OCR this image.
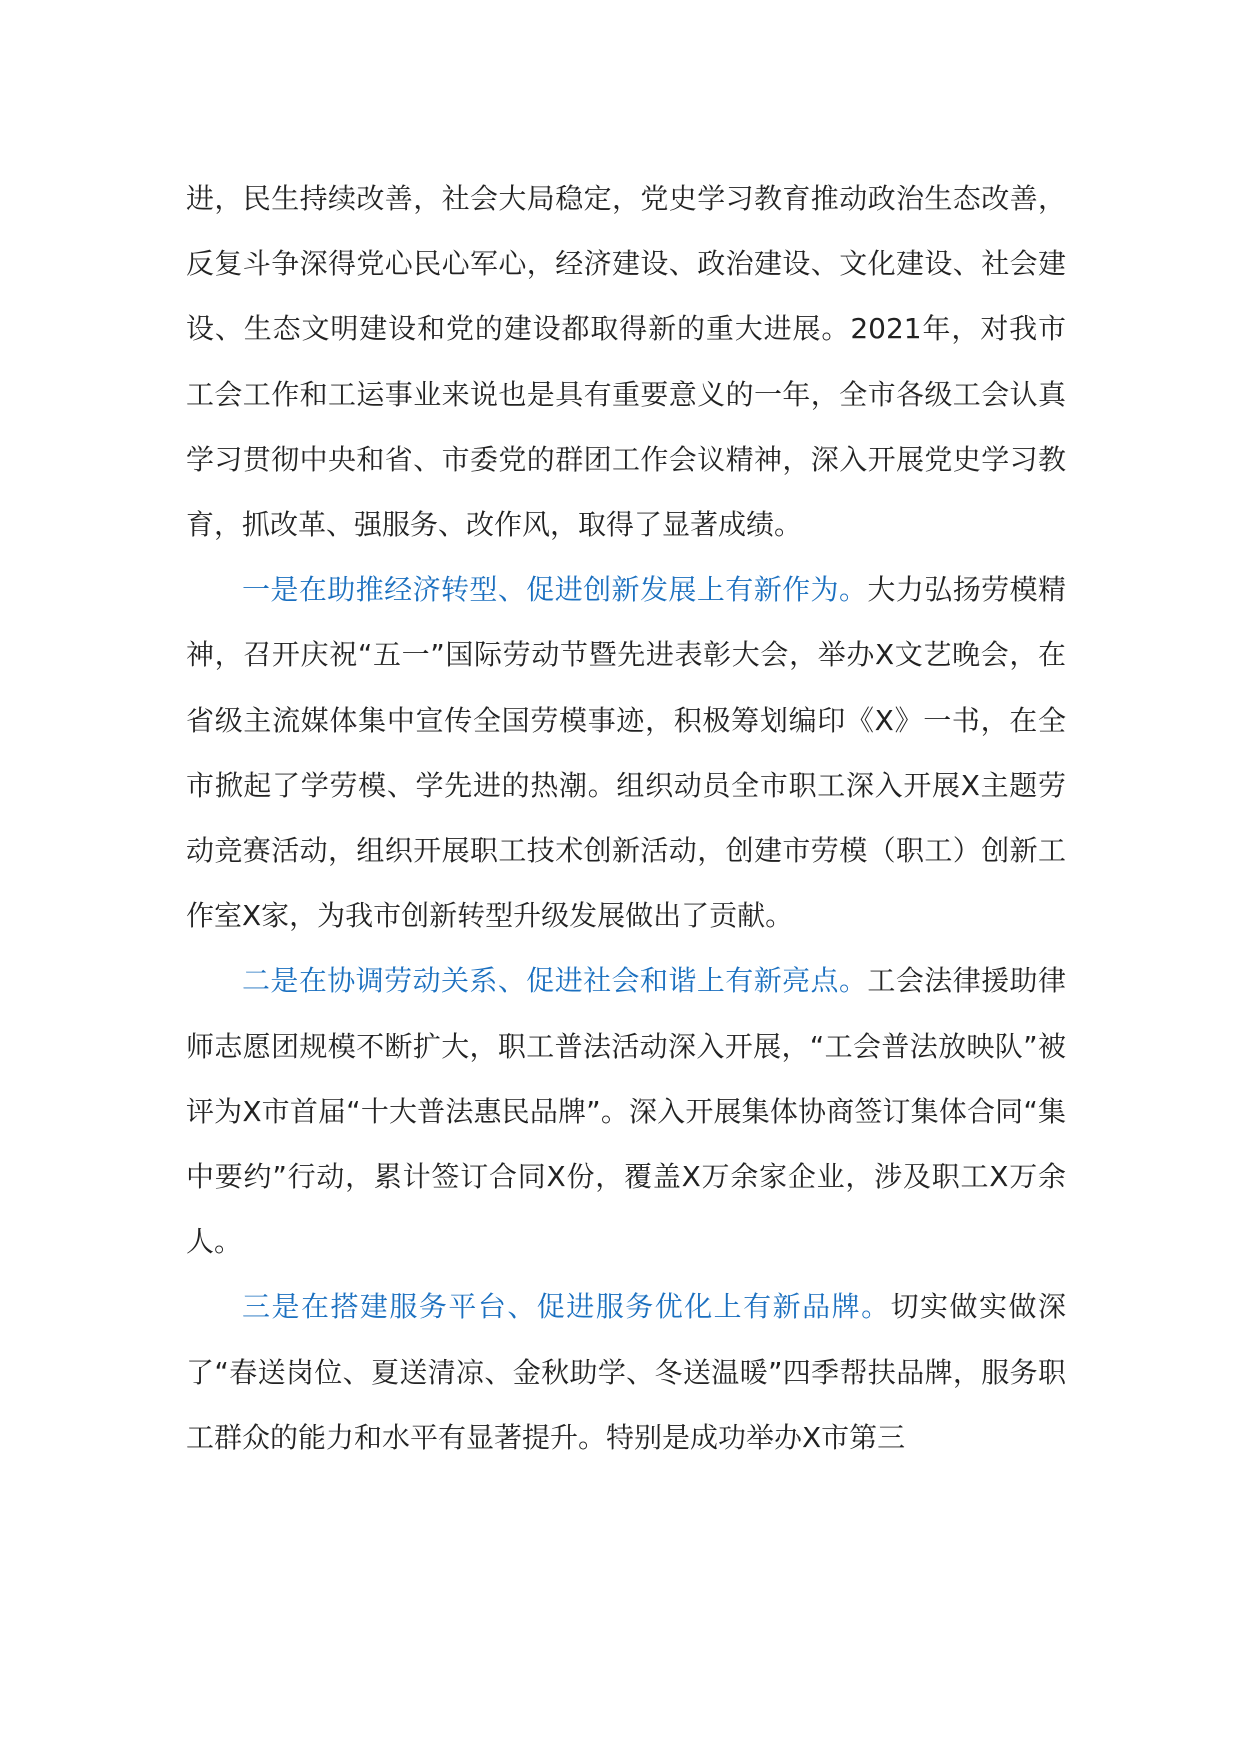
进，民生持续改善，社会大局稳定，党史学习教育推动政治生态改善，反复斗争深得党心民心军心，经济建设、政治建设、文化建设、社会建设、生态文明建设和党的建设都取得新的重大进展。2021年，对我市工会工作和工运事业来说也是具有重要意义的一年，全市各级工会认真学习贯彻中央和省、市委党的群团工作会议精神，深入开展党史学习教育，抓改革、强服务、改作风，取得了显著成绩。

一是在助推经济转型、促进创新发展上有新作为。大力弘扬劳模精神，召开庆祝“五一”国际劳动节暨先进表彰大会，举办X文艺晚会，在省级主流媒体集中宣传全国劳模事迹，积极筹划编印《X》一书，在全市掀起了学劳模、学先进的热潮。组织动员全市职工深入开展X主题劳动竞赛活动，组织开展职工技术创新活动，创建市劳模（职工）创新工作室X家，为我市创新转型升级发展做出了贡献。

二是在协调劳动关系、促进社会和谐上有新亮点。工会法律援助律师志愿团规模不断扩大，职工普法活动深入开展，“工会普法放映队”被评为X市首届“十大普法惠民品牌”。深入开展集体协商签订集体合同“集中要约”行动，累计签订合同X份，覆盖X万余家企业，涉及职工X万余人。

三是在搭建服务平台、促进服务优化上有新品牌。切实做实做深了“春送岗位、夏送清凉、金秋助学、冬送温暖”四季帮扶品牌，服务职工群众的能力和水平有显著提升。特别是成功举办X市第三
